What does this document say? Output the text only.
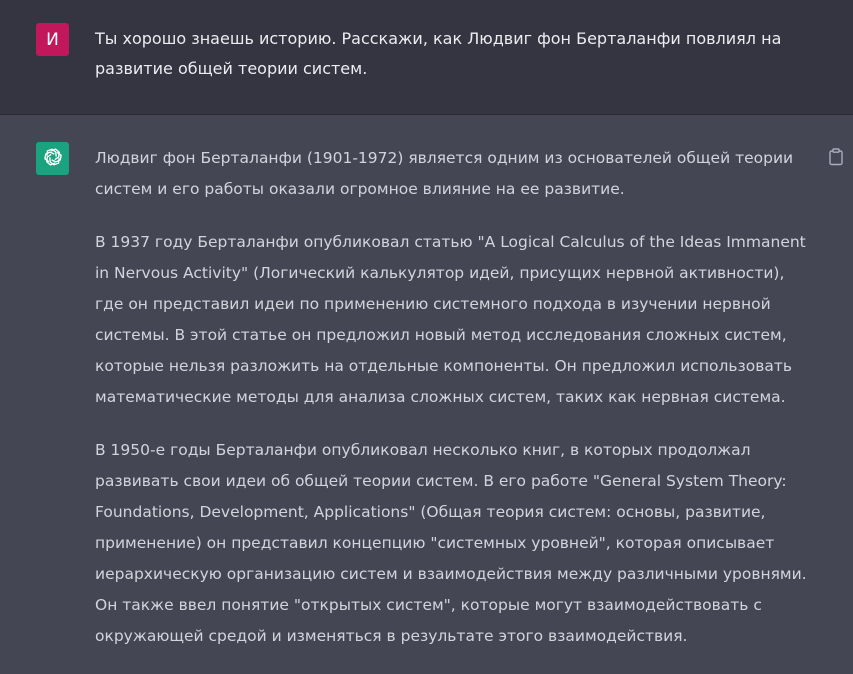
И Ты хорошо знаешь историю. Расскажи, как Людвиг фон Берталанфи повлиял на развитие общей теории систем.

Людвиг фон Берталанфи (1901-1972) является одним из основателей общей теории систем и его работы оказали огромное влияние на ее развитие.

В 1937 году Берталанфи опубликовал статью "A Logical Calculus of the Ideas Immanent in Nervous Activity" (Логический калькулятор идей, присущих нервной активности), где он представил идеи по применению системного подхода в изучении нервной системы. В этой статье он предложил новый метод исследования сложных систем, которые нельзя разложить на отдельные компоненты. Он предложил использовать математические методы для анализа сложных систем, таких как нервная система.

В 1950-е годы Берталанфи опубликовал несколько книг, в которых продолжал развивать свои идеи об общей теории систем. В его работе "General System Theory: Foundations, Development, Applications" (Общая теория систем: основы, развитие, применение) он представил концепцию "системных уровней", которая описывает иерархическую организацию систем и взаимодействия между различными уровнями. Он также ввел понятие "открытых систем", которые могут взаимодействовать с окружающей средой и изменяться в результате этого взаимодействия.
